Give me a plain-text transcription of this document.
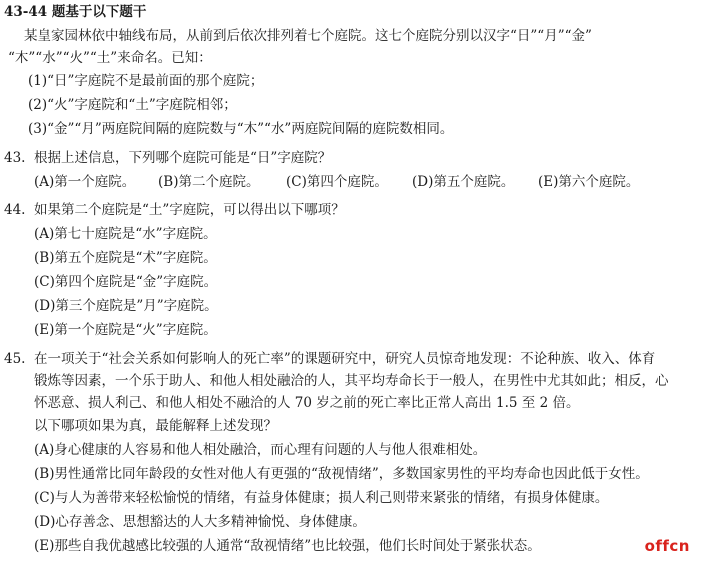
43-44 题基于以下题干
某皇家园林依中轴线布局，从前到后依次排列着七个庭院。这七个庭院分别以汉字“日”“月”“金”
“木”“水”“火”“土”来命名。已知：
(1)“日”字庭院不是最前面的那个庭院；
(2)“火”字庭院和“土”字庭院相邻；
(3)“金”“月”两庭院间隔的庭院数与“木”“水”两庭院间隔的庭院数相同。
43. 根据上述信息，下列哪个庭院可能是“日”字庭院？
(A)第一个庭院。 (B)第二个庭院。 (C)第四个庭院。 (D)第五个庭院。 (E)第六个庭院。
44. 如果第二个庭院是“土”字庭院，可以得出以下哪项？
(A)第七十庭院是“水”字庭院。
(B)第五个庭院是“术”字庭院。
(C)第四个庭院是“金”字庭院。
(D)第三个庭院是”月”字庭院。
(E)第一个庭院是“火”字庭院。
45. 在一项关于“社会关系如何影响人的死亡率”的课题研究中，研究人员惊奇地发现：不论种族、收入、体育
锻炼等因素，一个乐于助人、和他人相处融洽的人，其平均寿命长于一般人，在男性中尤其如此；相反，心
怀恶意、损人利己、和他人相处不融洽的人 70 岁之前的死亡率比正常人高出 1.5 至 2 倍。
以下哪项如果为真，最能解释上述发现？
(A)身心健康的人容易和他人相处融洽，而心理有问题的人与他人很难相处。
(B)男性通常比同年龄段的女性对他人有更强的“敌视情绪”，多数国家男性的平均寿命也因此低于女性。
(C)与人为善带来轻松愉悦的情绪，有益身体健康；损人利己则带来紧张的情绪，有损身体健康。
(D)心存善念、思想豁达的人大多精神愉悦、身体健康。
(E)那些自我优越感比较强的人通常“敌视情绪”也比较强，他们长时间处于紧张状态。	offcn
